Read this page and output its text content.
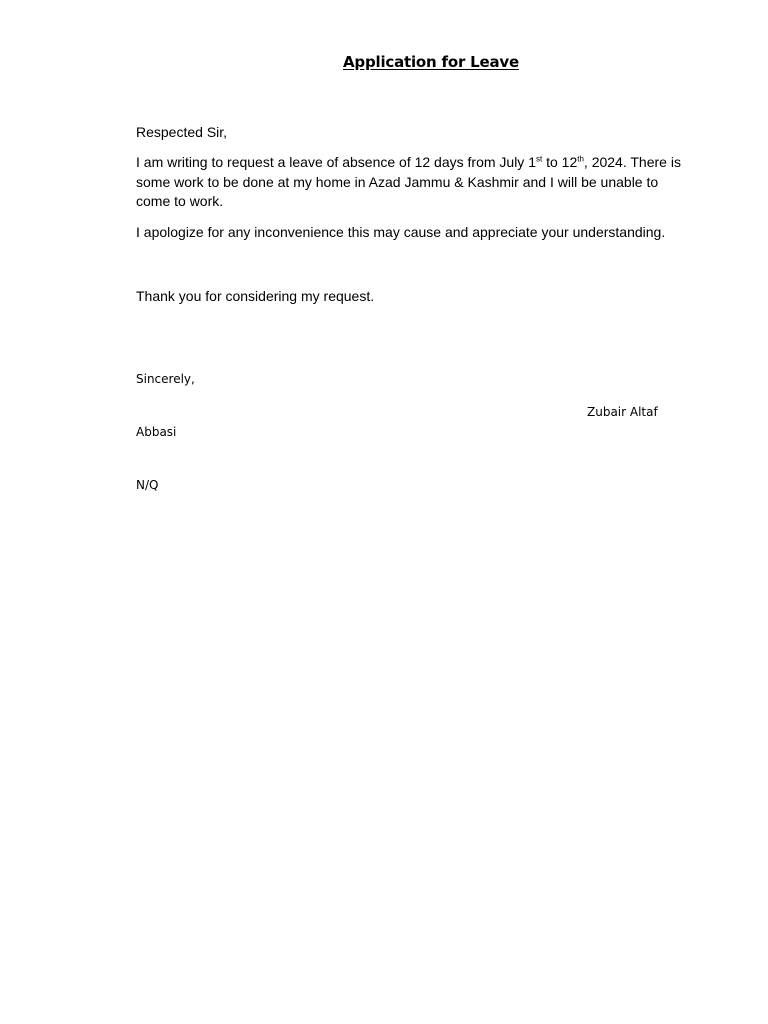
Application for Leave
Respected Sir,
I am writing to request a leave of absence of 12 days from July 1st to 12th, 2024. There is some work to be done at my home in Azad Jammu & Kashmir and I will be unable to come to work.
I apologize for any inconvenience this may cause and appreciate your understanding.
Thank you for considering my request.
Sincerely,
Zubair Altaf
Abbasi
N/Q
